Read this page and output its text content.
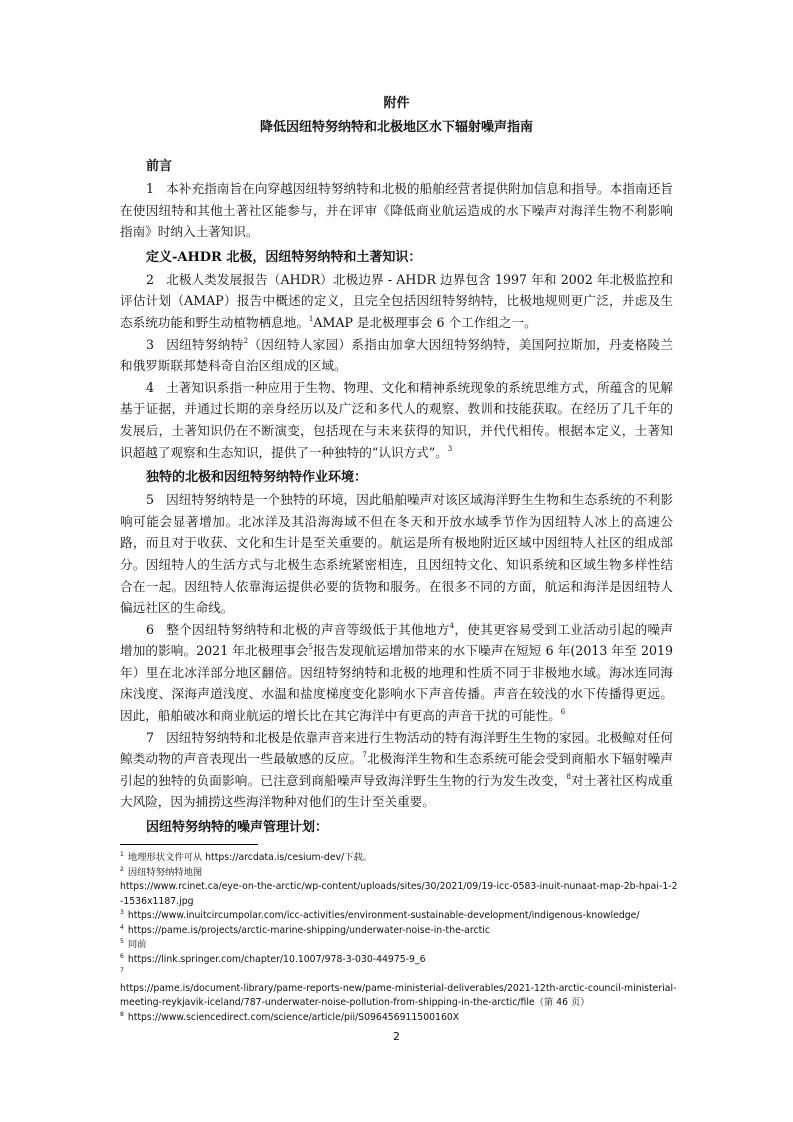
附件
降低因纽特努纳特和北极地区水下辐射噪声指南
前言

1 本补充指南旨在向穿越因纽特努纳特和北极的船舶经营者提供附加信息和指导。本指南还旨在使因纽特和其他土著社区能参与，并在评审《降低商业航运造成的水下噪声对海洋生物不利影响指南》时纳入土著知识。

定义-AHDR 北极，因纽特努纳特和土著知识：

2 北极人类发展报告（AHDR）北极边界 - AHDR 边界包含 1997 年和 2002 年北极监控和评估计划（AMAP）报告中概述的定义，且完全包括因纽特努纳特，比极地规则更广泛，并虑及生态系统功能和野生动植物栖息地。$^1$AMAP 是北极理事会 6 个工作组之一。

3 因纽特努纳特$^2$（因纽特人家园）系指由加拿大因纽特努纳特，美国阿拉斯加，丹麦格陵兰和俄罗斯联邦楚科奇自治区组成的区域。

4 土著知识系指一种应用于生物、物理、文化和精神系统现象的系统思维方式，所蕴含的见解基于证据，并通过长期的亲身经历以及广泛和多代人的观察、教训和技能获取。在经历了几千年的发展后，土著知识仍在不断演变，包括现在与未来获得的知识，并代代相传。根据本定义，土著知识超越了观察和生态知识，提供了一种独特的“认识方式”。$^3$

独特的北极和因纽特努纳特作业环境：

5 因纽特努纳特是一个独特的环境，因此船舶噪声对该区域海洋野生生物和生态系统的不利影响可能会显著增加。北冰洋及其沿海海域不但在冬天和开放水域季节作为因纽特人冰上的高速公路，而且对于收获、文化和生计是至关重要的。航运是所有极地附近区域中因纽特人社区的组成部分。因纽特人的生活方式与北极生态系统紧密相连，且因纽特文化、知识系统和区域生物多样性结合在一起。因纽特人依靠海运提供必要的货物和服务。在很多不同的方面，航运和海洋是因纽特人偏远社区的生命线。

6 整个因纽特努纳特和北极的声音等级低于其他地方$^4$，使其更容易受到工业活动引起的噪声增加的影响。2021 年北极理事会$^5$报告发现航运增加带来的水下噪声在短短 6 年(2013 年至 2019 年）里在北冰洋部分地区翻倍。因纽特努纳特和北极的地理和性质不同于非极地水域。海冰连同海床浅度、深海声道浅度、水温和盐度梯度变化影响水下声音传播。声音在较浅的水下传播得更远。因此，船舶破冰和商业航运的增长比在其它海洋中有更高的声音干扰的可能性。$^6$

7 因纽特努纳特和北极是依靠声音来进行生物活动的特有海洋野生生物的家园。北极鲸对任何鲸类动物的声音表现出一些最敏感的反应。$^7$北极海洋生物和生态系统可能会受到商船水下辐射噪声引起的独特的负面影响。已注意到商船噪声导致海洋野生生物的行为发生改变，$^8$对土著社区构成重大风险，因为捕捞这些海洋物种对他们的生计至关重要。

因纽特努纳特的噪声管理计划：

$^1$ 地理形状文件可从 https://arcdata.is/cesium-dev/下载。

$^2$ 因纽特努纳特地图
https://www.rcinet.ca/eye-on-the-arctic/wp-content/uploads/sites/30/2021/09/19-icc-0583-inuit-nunaat-map-2b-hpai-1-2-1536x1187.jpg

$^3$ https://www.inuitcircumpolar.com/icc-activities/environment-sustainable-development/indigenous-knowledge/

$^4$ https://pame.is/projects/arctic-marine-shipping/underwater-noise-in-the-arctic

$^5$ 同前

$^6$ https://link.springer.com/chapter/10.1007/978-3-030-44975-9_6

$^7$
https://pame.is/document-library/pame-reports-new/pame-ministerial-deliverables/2021-12th-arctic-council-ministerial-meeting-reykjavik-iceland/787-underwater-noise-pollution-from-shipping-in-the-arctic/file（第 46 页）

$^8$ https://www.sciencedirect.com/science/article/pii/S096456911500160X

2
